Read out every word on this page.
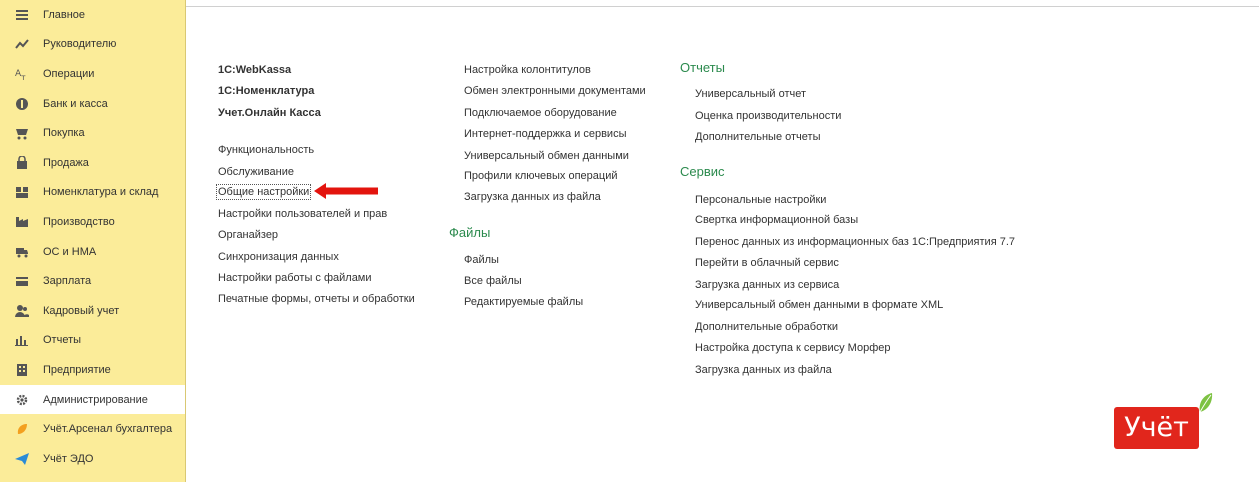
Главное
Руководителю
A т Операции
Банк и касса
Покупка
Продажа
Номенклатура и склад
Производство
ОС и НМА
Зарплата
Кадровый учет
Отчеты
Предприятие
Администрирование
Учёт.Арсенал бухгалтера
Учёт ЭДО
1С:WebKassa
1С:Номенклатура
Учет.Онлайн Касса
Функциональность
Обслуживание
Общие настройки
Настройки пользователей и прав
Органайзер
Синхронизация данных
Настройки работы с файлами
Печатные формы, отчеты и обработки
Настройка колонтитулов
Обмен электронными документами
Подключаемое оборудование
Интернет-поддержка и сервисы
Универсальный обмен данными
Профили ключевых операций
Загрузка данных из файла
Файлы
Файлы
Все файлы
Редактируемые файлы
Отчеты
Универсальный отчет
Оценка производительности
Дополнительные отчеты
Сервис
Персональные настройки
Свертка информационной базы
Перенос данных из информационных баз 1С:Предприятия 7.7
Перейти в облачный сервис
Загрузка данных из сервиса
Универсальный обмен данными в формате XML
Дополнительные обработки
Настройка доступа к сервису Морфер
Загрузка данных из файла
Учёт
